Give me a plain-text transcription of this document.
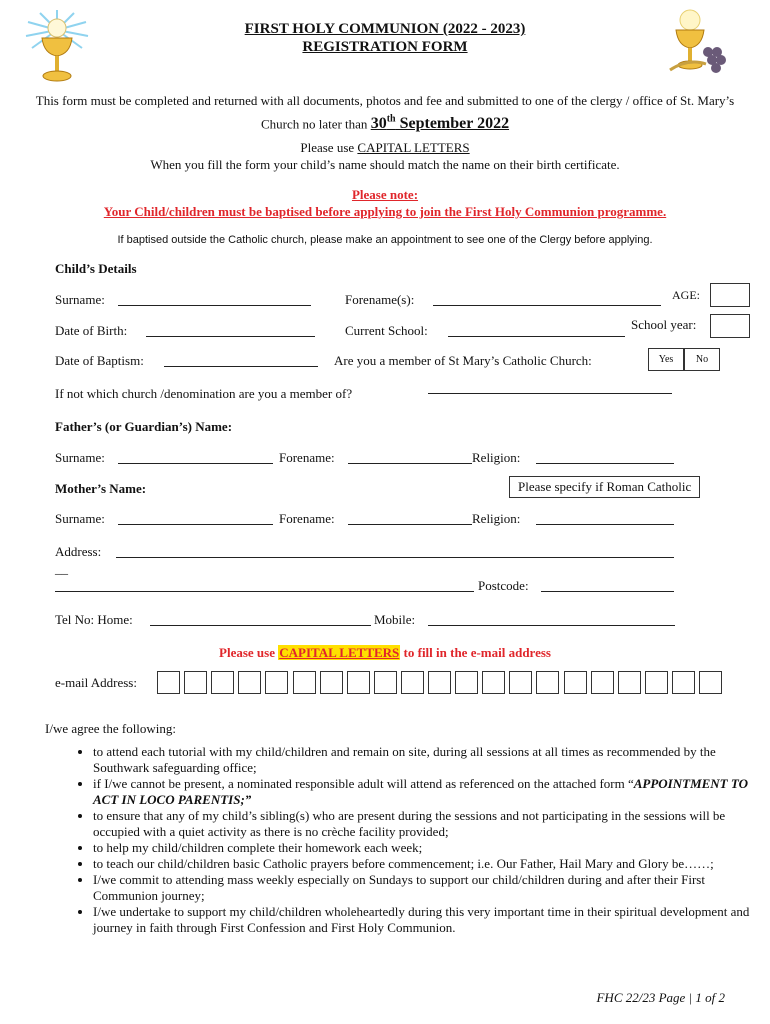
FIRST HOLY COMMUNION (2022 - 2023)
REGISTRATION FORM
This form must be completed and returned with all documents, photos and fee and submitted to one of the clergy / office of St. Mary’s Church no later than 30th September 2022
Please use CAPITAL LETTERS
When you fill the form your child’s name should match the name on their birth certificate.
Please note:
Your Child/children must be baptised before applying to join the First Holy Communion programme.
If baptised outside the Catholic church, please make an appointment to see one of the Clergy before applying.
Child’s Details
Surname:	Forename(s):	AGE:
Date of Birth:	Current School:	School year:
Date of Baptism:	Are you a member of St Mary’s Catholic Church:	Yes No
If not which church /denomination are you a member of?
Father’s (or Guardian’s) Name:
Surname:	Forename:	Religion:
Mother’s Name:	Please specify if Roman Catholic
Surname:	Forename:	Religion:
Address:
__
Postcode:
Tel No: Home:	Mobile:
Please use CAPITAL LETTERS to fill in the e-mail address
e-mail Address:
I/we agree the following:
• to attend each tutorial with my child/children and remain on site, during all sessions at all times as recommended by the Southwark safeguarding office;
• if I/we cannot be present, a nominated responsible adult will attend as referenced on the attached form “APPOINTMENT TO ACT IN LOCO PARENTIS;”
• to ensure that any of my child’s sibling(s) who are present during the sessions and not participating in the sessions will be occupied with a quiet activity as there is no crèche facility provided;
• to help my child/children complete their homework each week;
• to teach our child/children basic Catholic prayers before commencement; i.e. Our Father, Hail Mary and Glory be……;
• I/we commit to attending mass weekly especially on Sundays to support our child/children during and after their First Communion journey;
• I/we undertake to support my child/children wholeheartedly during this very important time in their spiritual development and journey in faith through First Confession and First Holy Communion.
FHC 22/23 Page | 1 of 2
